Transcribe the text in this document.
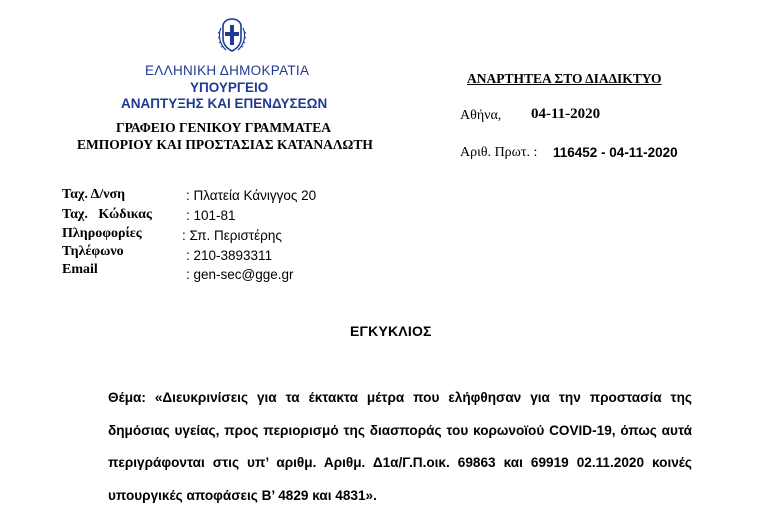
ΕΛΛΗΝΙΚΗ ΔΗΜΟΚΡΑΤΙΑ
ΥΠΟΥΡΓΕΙΟ
ΑΝΑΠΤΥΞΗΣ ΚΑΙ ΕΠΕΝΔΥΣΕΩΝ
ΓΡΑΦΕΙΟ ΓΕΝΙΚΟΥ ΓΡΑΜΜΑΤΕΑ
ΕΜΠΟΡΙΟΥ ΚΑΙ ΠΡΟΣΤΑΣΙΑΣ ΚΑΤΑΝΑΛΩΤΗ
ΑΝΑΡΤΗΤΕΑ ΣΤΟ ΔΙΑΔΙΚΤΥΟ
Αθήνα, 04-11-2020
Αριθ. Πρωτ. : 116452 - 04-11-2020
Ταχ. Δ/νση	: Πλατεία Κάνιγγος 20
Ταχ.   Κώδικας	: 101-81
Πληροφορίες	: Σπ. Περιστέρης
Τηλέφωνο	: 210-3893311
Email	: gen-sec@gge.gr
ΕΓΚΥΚΛΙΟΣ
Θέμα: «Διευκρινίσεις για τα έκτακτα μέτρα που ελήφθησαν για την προστασία της δημόσιας υγείας, προς περιορισμό της διασποράς του κορωνοϊού COVID-19, όπως αυτά περιγράφονται στις υπ’ αριθμ. Αριθμ. Δ1α/Γ.Π.οικ. 69863 και 69919 02.11.2020 κοινές υπουργικές αποφάσεις Β’ 4829 και 4831».
